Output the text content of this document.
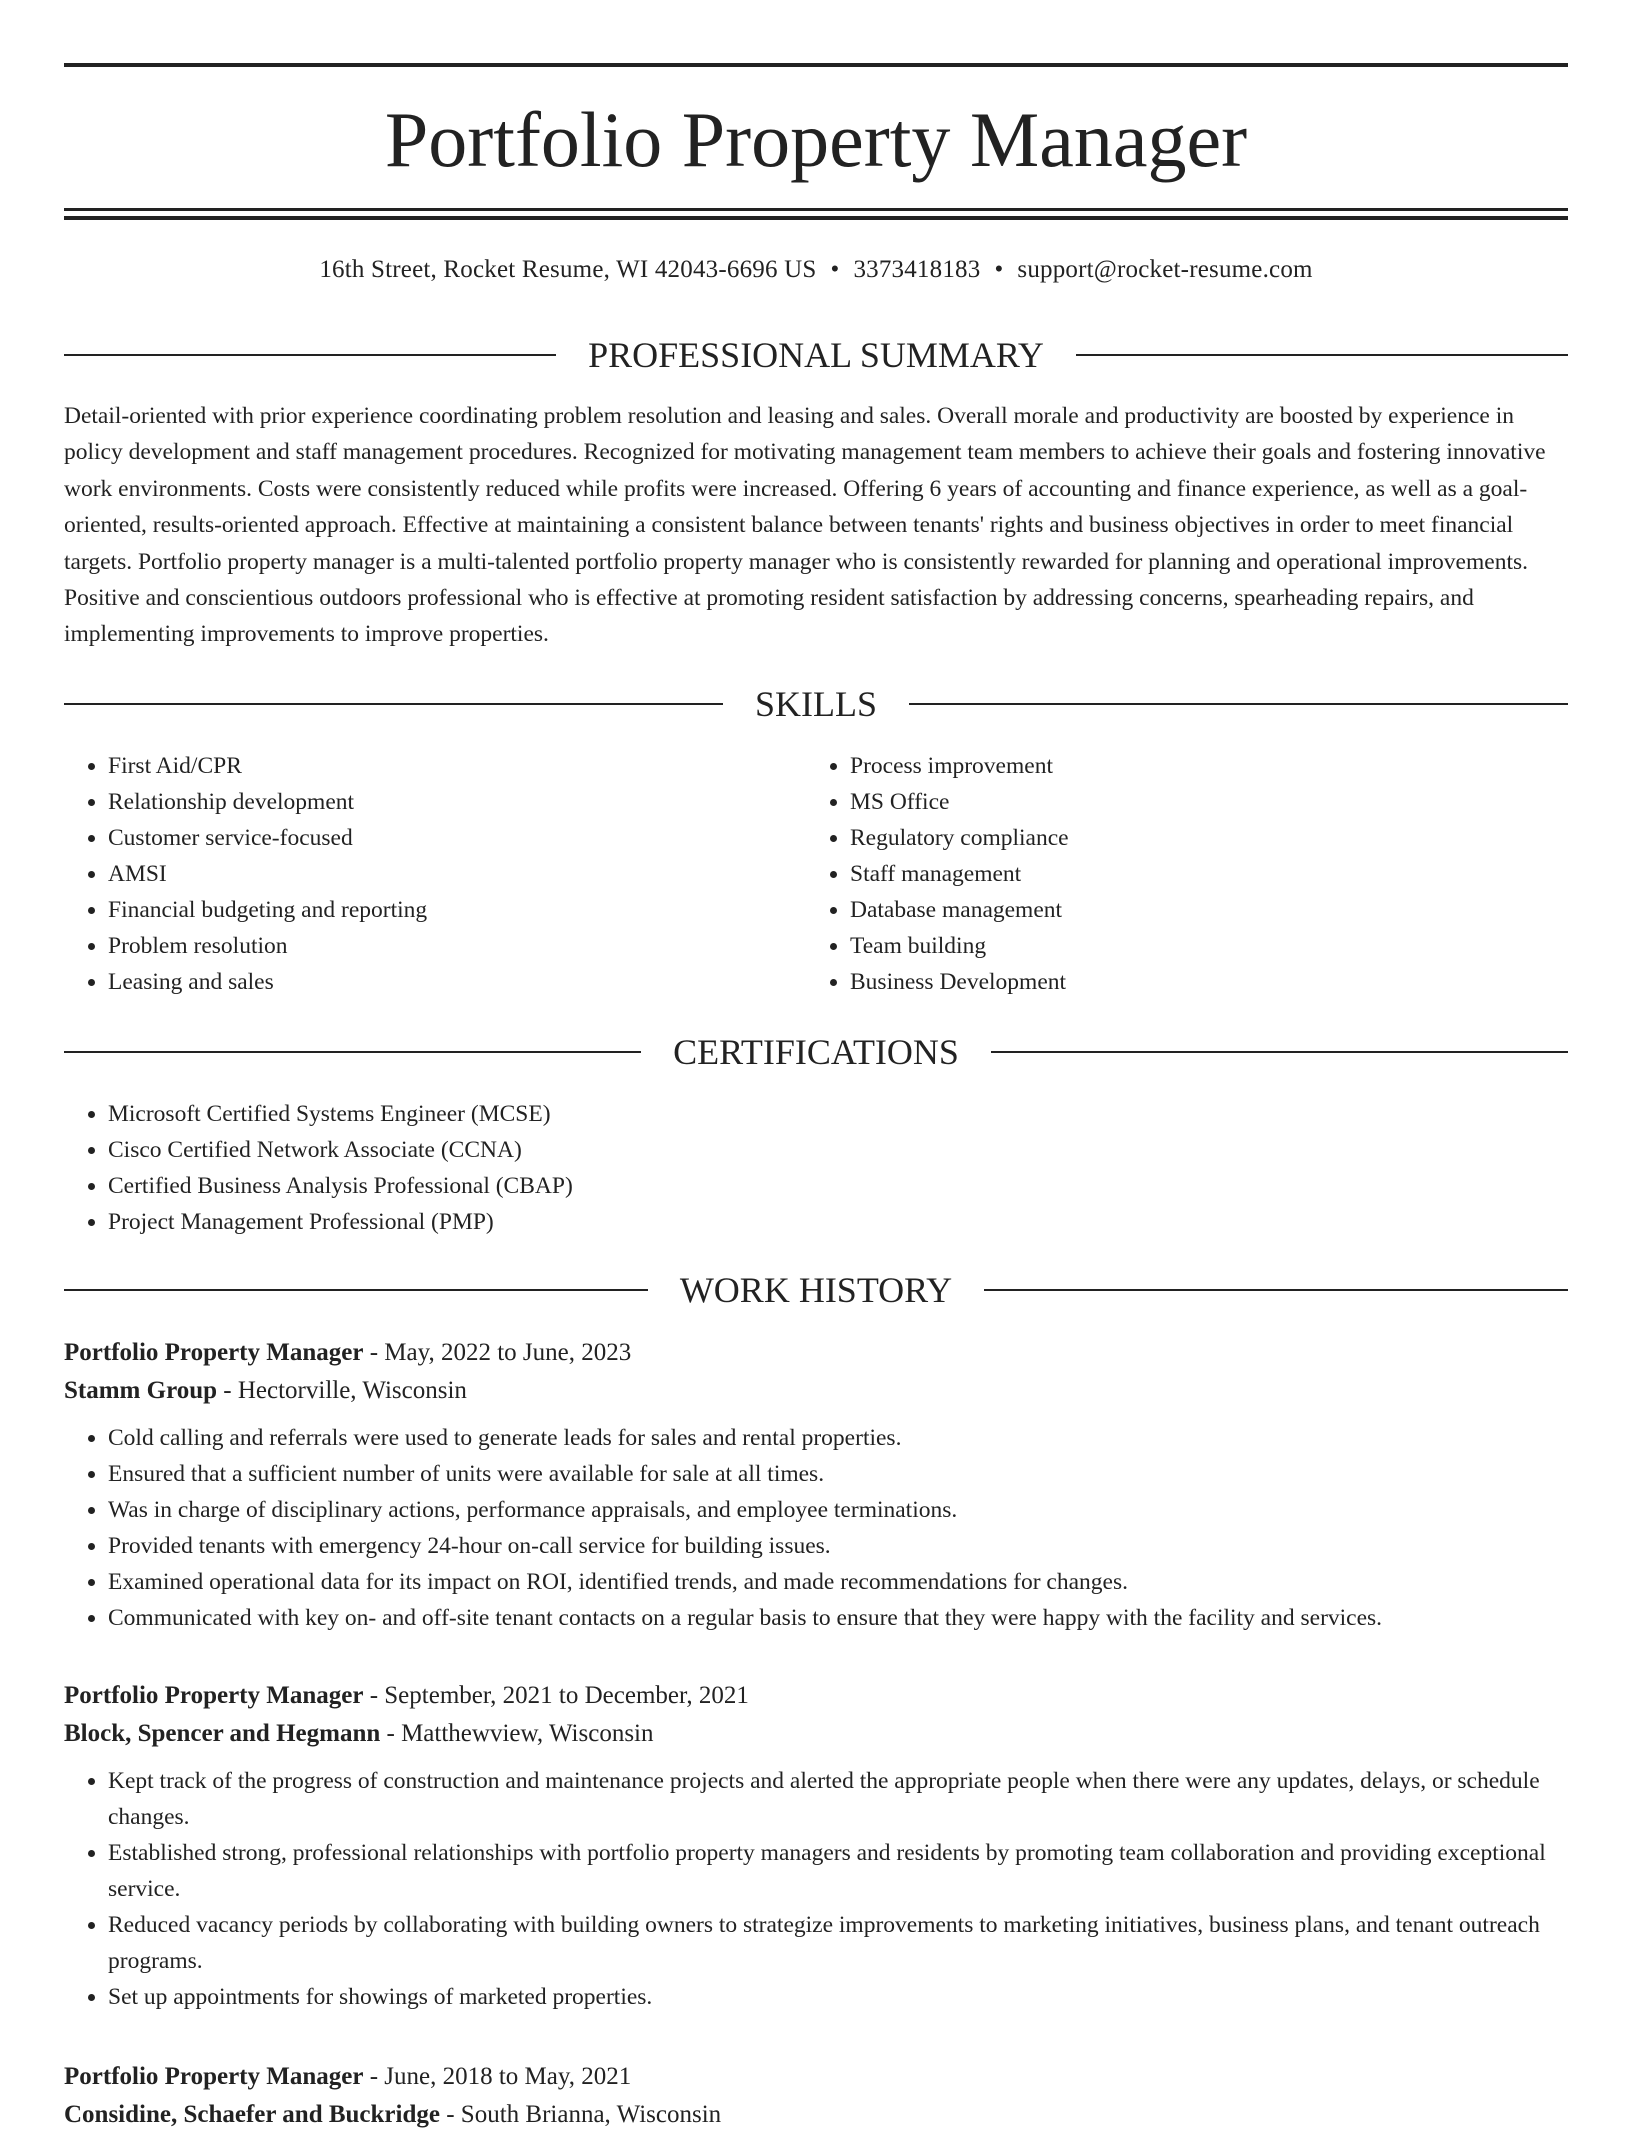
Portfolio Property Manager
16th Street, Rocket Resume, WI 42043-6696 US • 3373418183 • support@rocket-resume.com
PROFESSIONAL SUMMARY

Detail-oriented with prior experience coordinating problem resolution and leasing and sales. Overall morale and productivity are boosted by experience in policy development and staff management procedures. Recognized for motivating management team members to achieve their goals and fostering innovative work environments. Costs were consistently reduced while profits were increased. Offering 6 years of accounting and finance experience, as well as a goal-oriented, results-oriented approach. Effective at maintaining a consistent balance between tenants' rights and business objectives in order to meet financial targets. Portfolio property manager is a multi-talented portfolio property manager who is consistently rewarded for planning and operational improvements. Positive and conscientious outdoors professional who is effective at promoting resident satisfaction by addressing concerns, spearheading repairs, and implementing improvements to improve properties.

SKILLS
• First Aid/CPR
• Relationship development
• Customer service-focused
• AMSI
• Financial budgeting and reporting
• Problem resolution
• Leasing and sales
• Process improvement
• MS Office
• Regulatory compliance
• Staff management
• Database management
• Team building
• Business Development
CERTIFICATIONS
• Microsoft Certified Systems Engineer (MCSE)
• Cisco Certified Network Associate (CCNA)
• Certified Business Analysis Professional (CBAP)
• Project Management Professional (PMP)
WORK HISTORY
Portfolio Property Manager - May, 2022 to June, 2023
Stamm Group - Hectorville, Wisconsin
• Cold calling and referrals were used to generate leads for sales and rental properties.
• Ensured that a sufficient number of units were available for sale at all times.
• Was in charge of disciplinary actions, performance appraisals, and employee terminations.
• Provided tenants with emergency 24-hour on-call service for building issues.
• Examined operational data for its impact on ROI, identified trends, and made recommendations for changes.
• Communicated with key on- and off-site tenant contacts on a regular basis to ensure that they were happy with the facility and services.
Portfolio Property Manager - September, 2021 to December, 2021
Block, Spencer and Hegmann - Matthewview, Wisconsin
• Kept track of the progress of construction and maintenance projects and alerted the appropriate people when there were any updates, delays, or schedule changes.
• Established strong, professional relationships with portfolio property managers and residents by promoting team collaboration and providing exceptional service.
• Reduced vacancy periods by collaborating with building owners to strategize improvements to marketing initiatives, business plans, and tenant outreach programs.
• Set up appointments for showings of marketed properties.
Portfolio Property Manager - June, 2018 to May, 2021
Considine, Schaefer and Buckridge - South Brianna, Wisconsin
